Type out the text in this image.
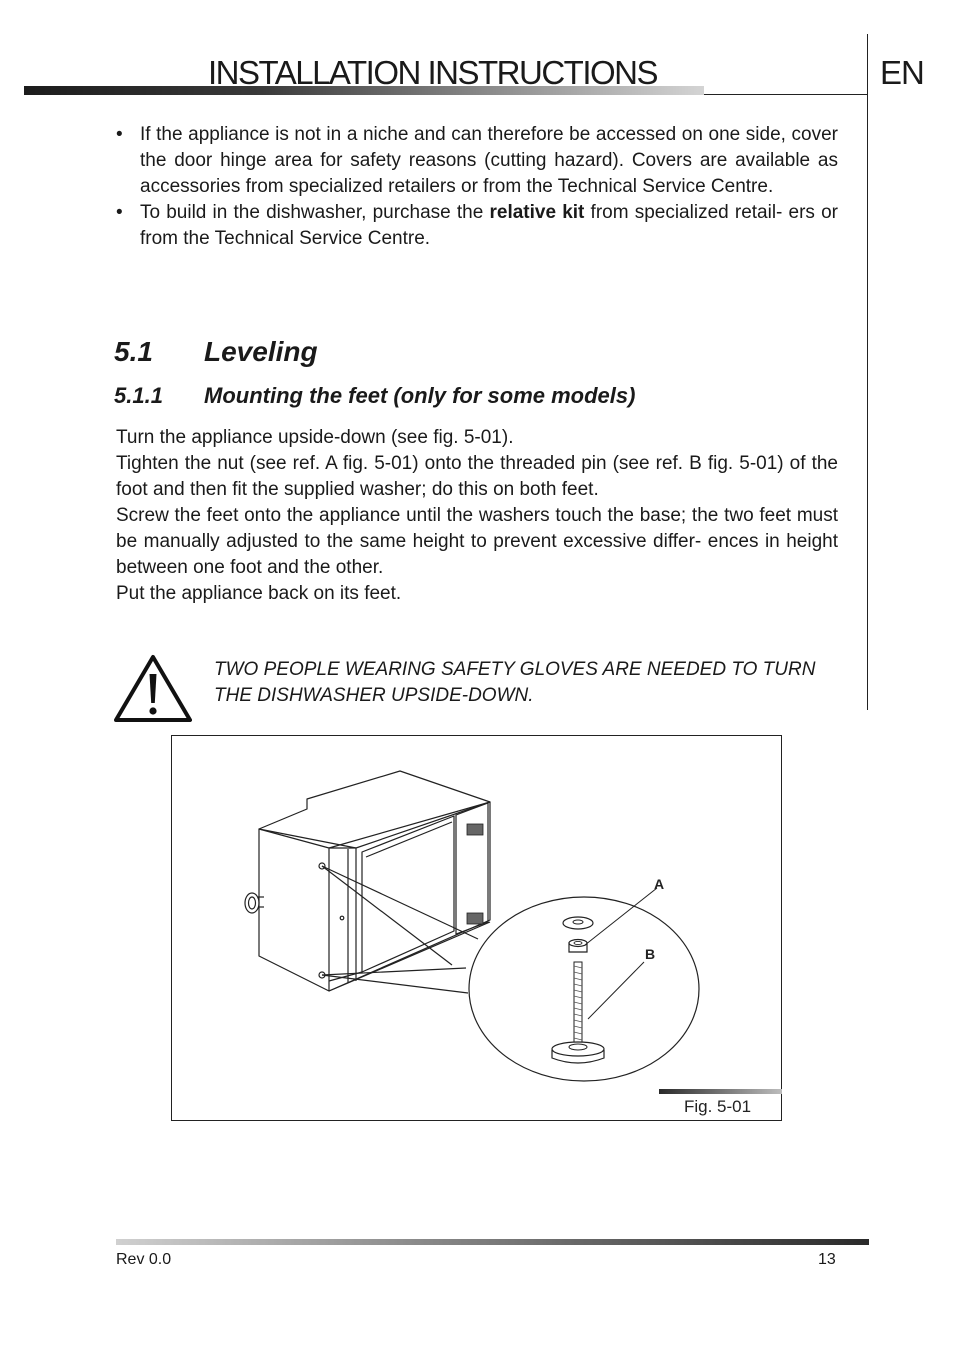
INSTALLATION INSTRUCTIONS	EN
• If the appliance is not in a niche and can therefore be accessed on one side, cover the door hinge area for safety reasons (cutting hazard). Covers are available as accessories from specialized retailers or from the Technical Service Centre.
• To build in the dishwasher, purchase the relative kit from specialized retail- ers or from the Technical Service Centre.
5.1 Leveling
5.1.1 Mounting the feet (only for some models)

Turn the appliance upside-down (see fig. 5-01).

Tighten the nut (see ref. A fig. 5-01) onto the threaded pin (see ref. B fig. 5-01) of the foot and then fit the supplied washer; do this on both feet.

Screw the feet onto the appliance until the washers touch the base; the two feet must be manually adjusted to the same height to prevent excessive differ- ences in height between one foot and the other.

Put the appliance back on its feet.

TWO PEOPLE WEARING SAFETY GLOVES ARE NEEDED TO TURN THE DISHWASHER UPSIDE-DOWN.
A
B
Fig. 5-01
Rev 0.0	13
